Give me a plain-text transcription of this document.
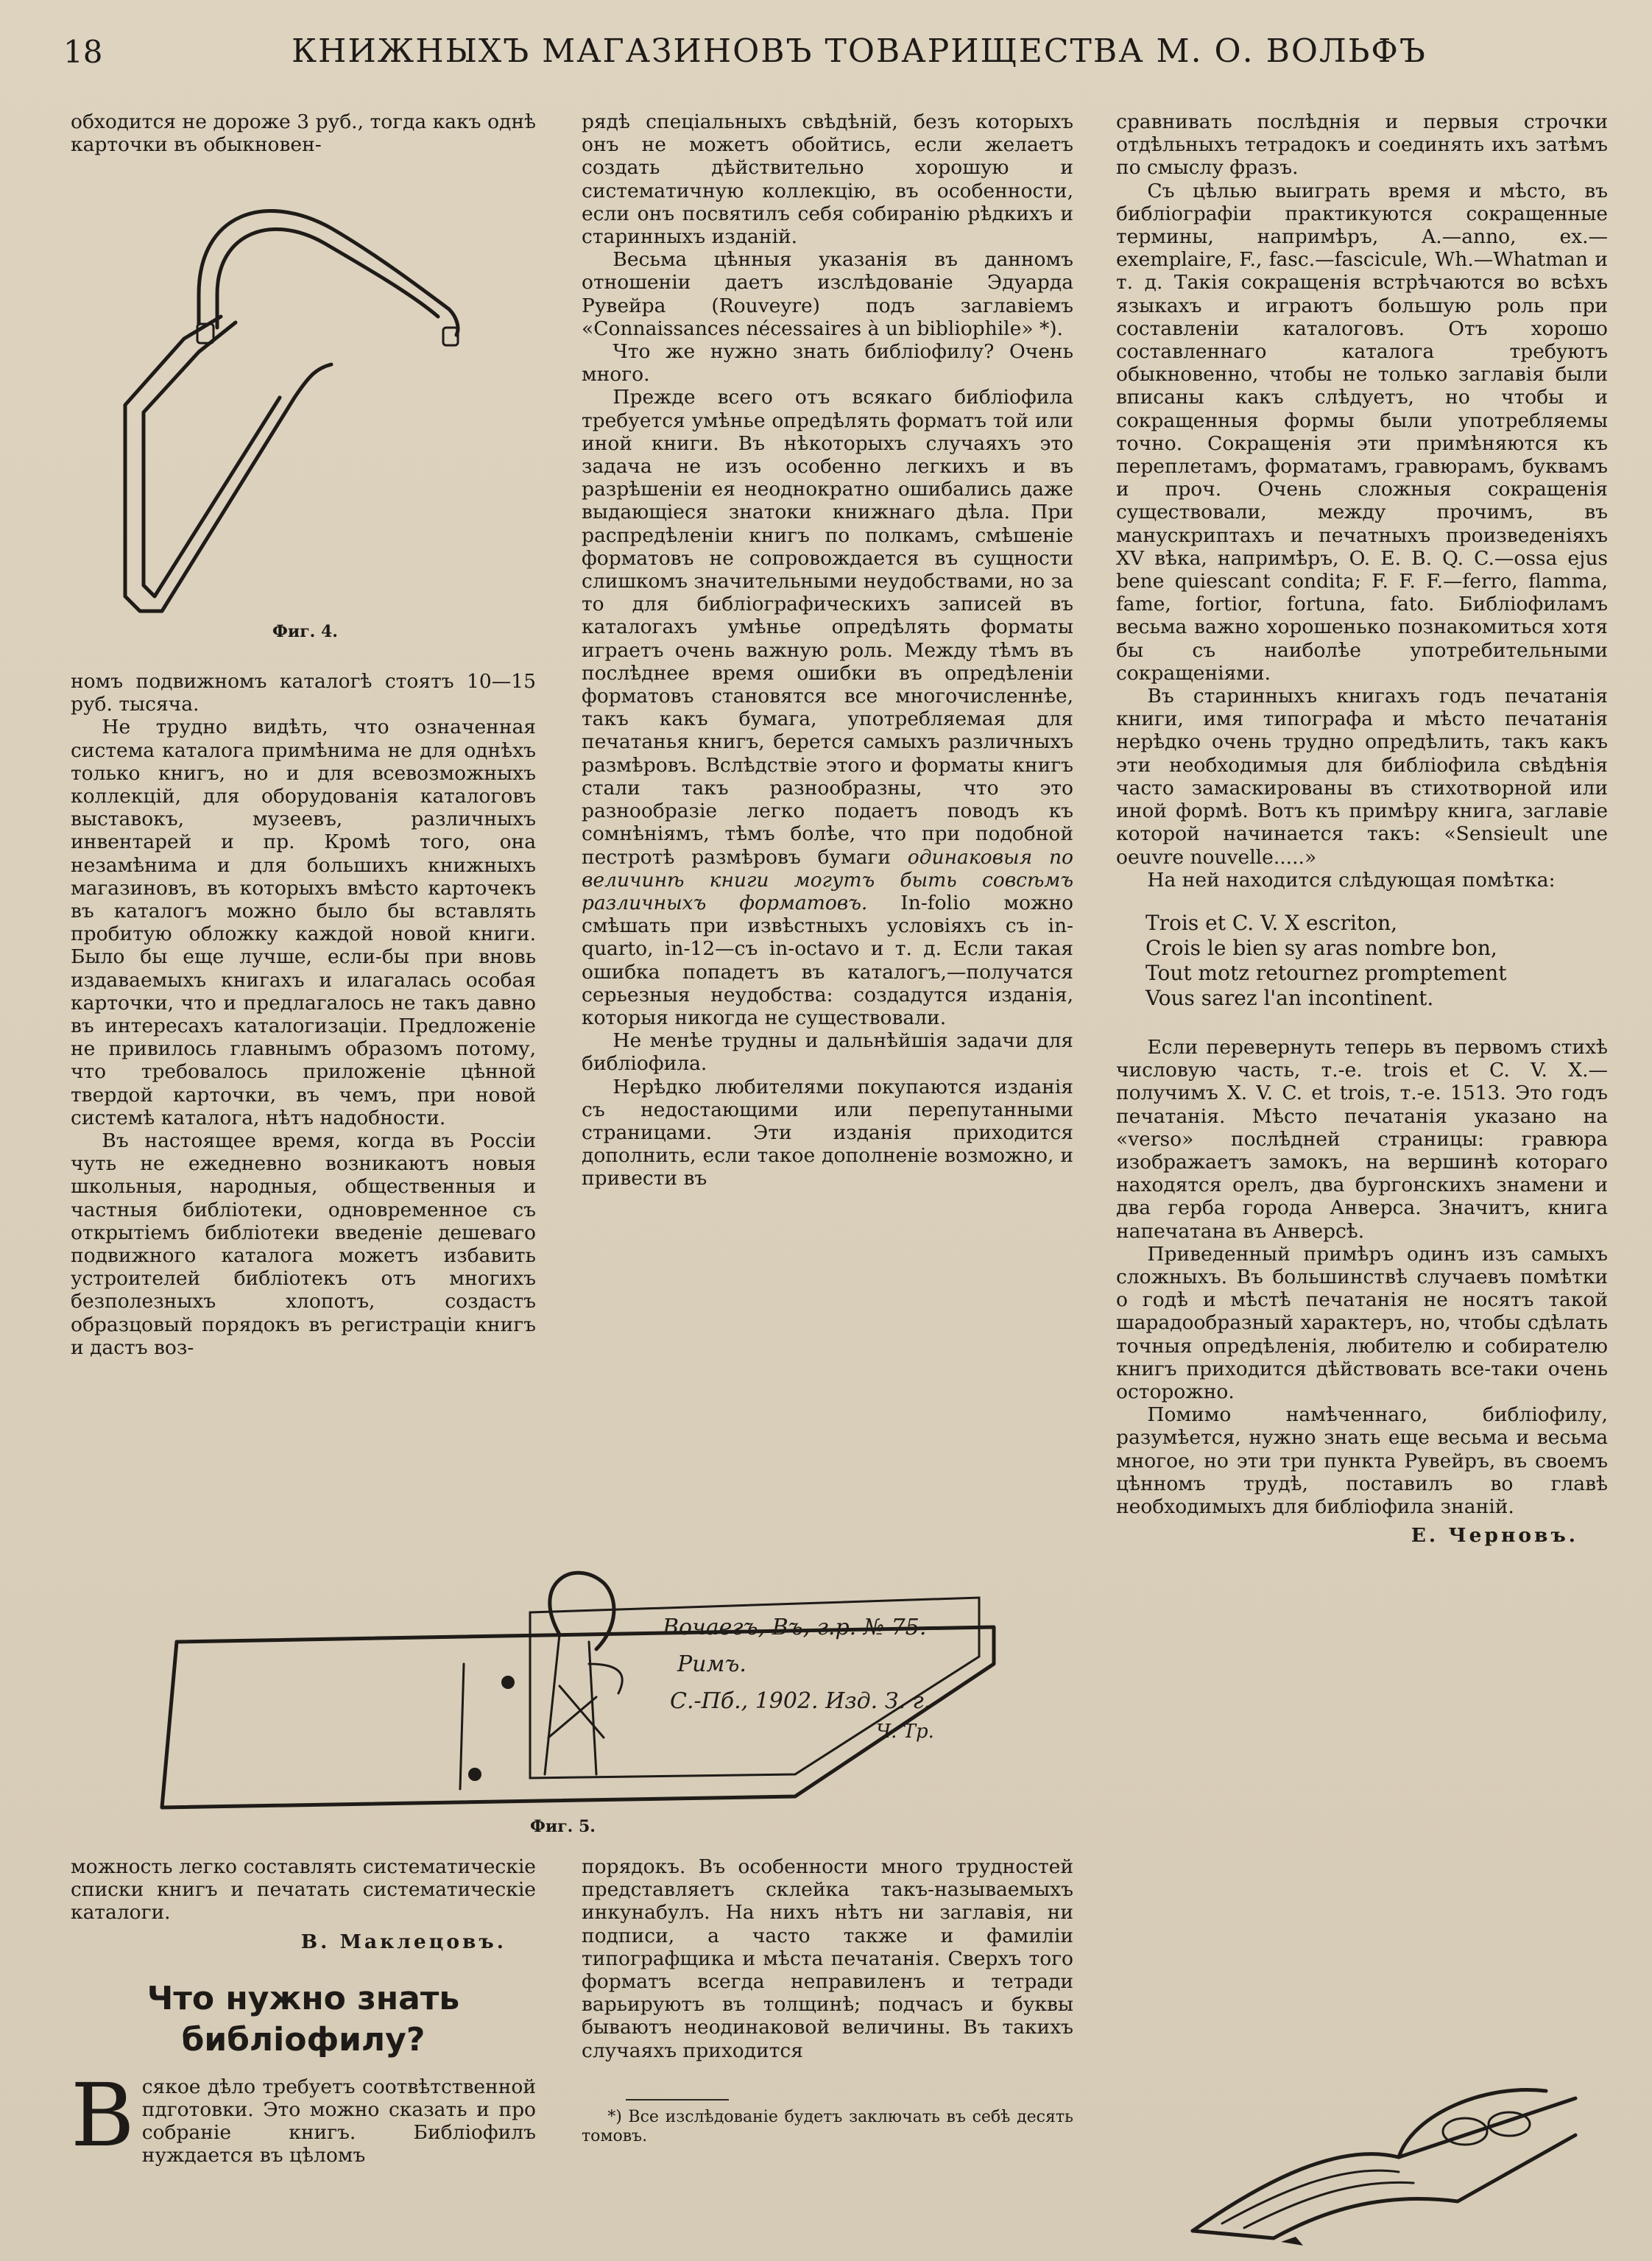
18	КНИЖНЫХЪ МАГАЗИНОВЪ ТОВАРИЩЕСТВА М. О. ВОЛЬФЪ

обходится не дороже 3 руб., тогда какъ однѣ карточки въ обыкновен-

Фиг. 4.

номъ подвижномъ каталогѣ стоятъ 10—15 руб. тысяча.

Не трудно видѣть, что означенная система каталога примѣнима не для однѣхъ только книгъ, но и для всевозможныхъ коллекцій, для оборудованія каталоговъ выставокъ, музеевъ, различныхъ инвентарей и пр. Кромѣ того, она незамѣнима и для большихъ книжныхъ магазиновъ, въ которыхъ вмѣсто карточекъ въ каталогъ можно было бы вставлять пробитую обложку каждой новой книги. Было бы еще лучше, если-бы при вновь издаваемыхъ книгахъ и илагалась особая карточки, что и предлагалось не такъ давно въ интересахъ каталогизаціи. Предложеніе не привилось главнымъ образомъ потому, что требовалось приложеніе цѣнной твердой карточки, въ чемъ, при новой системѣ каталога, нѣтъ надобности.

Въ настоящее время, когда въ Россіи чуть не ежедневно возникаютъ новыя школьныя, народныя, общественныя и частныя библіотеки, одновременное съ открытіемъ библіотеки введеніе дешеваго подвижного каталога можетъ избавить устроителей библіотекъ отъ многихъ безполезныхъ хлопотъ, создастъ образцовый порядокъ въ регистраціи книгъ и дастъ воз-

рядѣ спеціальныхъ свѣдѣній, безъ которыхъ онъ не можетъ обойтись, если желаетъ создать дѣйствительно хорошую и систематичную коллекцію, въ особенности, если онъ посвятилъ себя собиранію рѣдкихъ и старинныхъ изданій.

Весьма цѣнныя указанія въ данномъ отношеніи даетъ изслѣдованіе Эдуарда Рувейра (Rouveyre) подъ заглавіемъ «Connaissances nécessaires à un bibliophile» *).

Что же нужно знать библіофилу? Очень много.

Прежде всего отъ всякаго библіофила требуется умѣнье опредѣлять форматъ той или иной книги. Въ нѣкоторыхъ случаяхъ это задача не изъ особенно легкихъ и въ разрѣшеніи ея неоднократно ошибались даже выдающіеся знатоки книжнаго дѣла. При распредѣленіи книгъ по полкамъ, смѣшеніе форматовъ не сопровождается въ сущности слишкомъ значительными неудобствами, но за то для библіографическихъ записей въ каталогахъ умѣнье опредѣлять форматы играетъ очень важную роль. Между тѣмъ въ послѣднее время ошибки въ опредѣленіи форматовъ становятся все многочисленнѣе, такъ какъ бумага, употребляемая для печатанья книгъ, берется самыхъ различныхъ размѣровъ. Вслѣдствіе этого и форматы книгъ стали такъ разнообразны, что это разнообразіе легко подаетъ поводъ къ сомнѣніямъ, тѣмъ болѣе, что при подобной пестротѣ размѣровъ бумаги одинаковыя по величинѣ книги могутъ быть совсѣмъ различныхъ форматовъ. In-folio можно смѣшать при извѣстныхъ условіяхъ съ in-quarto, in-12—съ in-octavo и т. д. Если такая ошибка попадетъ въ каталогъ,—получатся серьезныя неудобства: создадутся изданія, которыя никогда не существовали.

Не менѣе трудны и дальнѣйшія задачи для библіофила.

Нерѣдко любителями покупаются изданія съ недостающими или перепутанными страницами. Эти изданія приходится дополнить, если такое дополненіе возможно, и привести въ

сравнивать послѣднія и первыя строчки отдѣльныхъ тетрадокъ и соединять ихъ затѣмъ по смыслу фразъ.

Съ цѣлью выиграть время и мѣсто, въ библіографіи практикуются сокращенные термины, напримѣръ, A.—anno, ex.—exemplaire, F., fasc.—fascicule, Wh.—Whatman и т. д. Такія сокращенія встрѣчаются во всѣхъ языкахъ и играютъ большую роль при составленіи каталоговъ. Отъ хорошо составленнаго каталога требуютъ обыкновенно, чтобы не только заглавія были вписаны какъ слѣдуетъ, но чтобы и сокращенныя формы были употребляемы точно. Сокращенія эти примѣняются къ переплетамъ, форматамъ, гравюрамъ, буквамъ и проч. Очень сложныя сокращенія существовали, между прочимъ, въ манускриптахъ и печатныхъ произведеніяхъ XV вѣка, напримѣръ, O. E. B. Q. C.—ossa ejus bene quiescant condita; F. F. F.—ferro, flamma, fame, fortior, fortuna, fato. Библіофиламъ весьма важно хорошенько познакомиться хотя бы съ наиболѣе употребительными сокращеніями.

Въ старинныхъ книгахъ годъ печатанія книги, имя типографа и мѣсто печатанія нерѣдко очень трудно опредѣлить, такъ какъ эти необходимыя для библіофила свѣдѣнія часто замаскированы въ стихотворной или иной формѣ. Вотъ къ примѣру книга, заглавіе которой начинается такъ: «Sensieult une oeuvre nouvelle.....»

На ней находится слѣдующая помѣтка:

Trois et C. V. X escriton,
Crois le bien sy aras nombre bon,
Tout motz retournez promptement
Vous sarez l'an incontinent.

Если перевернуть теперь въ первомъ стихѣ числовую часть, т.-е. trois et C. V. X.—получимъ X. V. C. et trois, т.-е. 1513. Это годъ печатанія. Мѣсто печатанія указано на «verso» послѣдней страницы: гравюра изображаетъ замокъ, на вершинѣ котораго находятся орелъ, два бургонскихъ знамени и два герба города Анверса. Значитъ, книга напечатана въ Анверсѣ.

Приведенный примѣръ одинъ изъ самыхъ сложныхъ. Въ большинствѣ случаевъ помѣтки о годѣ и мѣстѣ печатанія не носятъ такой шарадообразный характеръ, но, чтобы сдѣлать точныя опредѣленія, любителю и собирателю книгъ приходится дѣйствовать все-таки очень осторожно.

Помимо намѣченнаго, библіофилу, разумѣется, нужно знать еще весьма и весьма многое, но эти три пункта Рувейръ, въ своемъ цѣнномъ трудѣ, поставилъ во главѣ необходимыхъ для библіофила знаній.

Е. Черновъ.
Вочаегъ, Въ, г.р. № 75.
Римъ.
С.-Пб., 1902. Изд. З. г.
Ч. Тр.
Фиг. 5.

можность легко составлять систематическіе списки книгъ и печатать систематическіе каталоги.

В. Маклецовъ.
Что нужно знать библіофилу?

Всякое дѣло требуетъ соотвѣтственной пдготовки. Это можно сказать и про собраніе книгъ. Библіофилъ нуждается въ цѣломъ

порядокъ. Въ особенности много трудностей представляетъ склейка такъ-называемыхъ инкунабулъ. На нихъ нѣтъ ни заглавія, ни подписи, а часто также и фамиліи типографщика и мѣста печатанія. Сверхъ того форматъ всегда неправиленъ и тетради варьируютъ въ толщинѣ; подчасъ и буквы бываютъ неодинаковой величины. Въ такихъ случаяхъ приходится

*) Все изслѣдованіе будетъ заключать въ себѣ десять томовъ.
